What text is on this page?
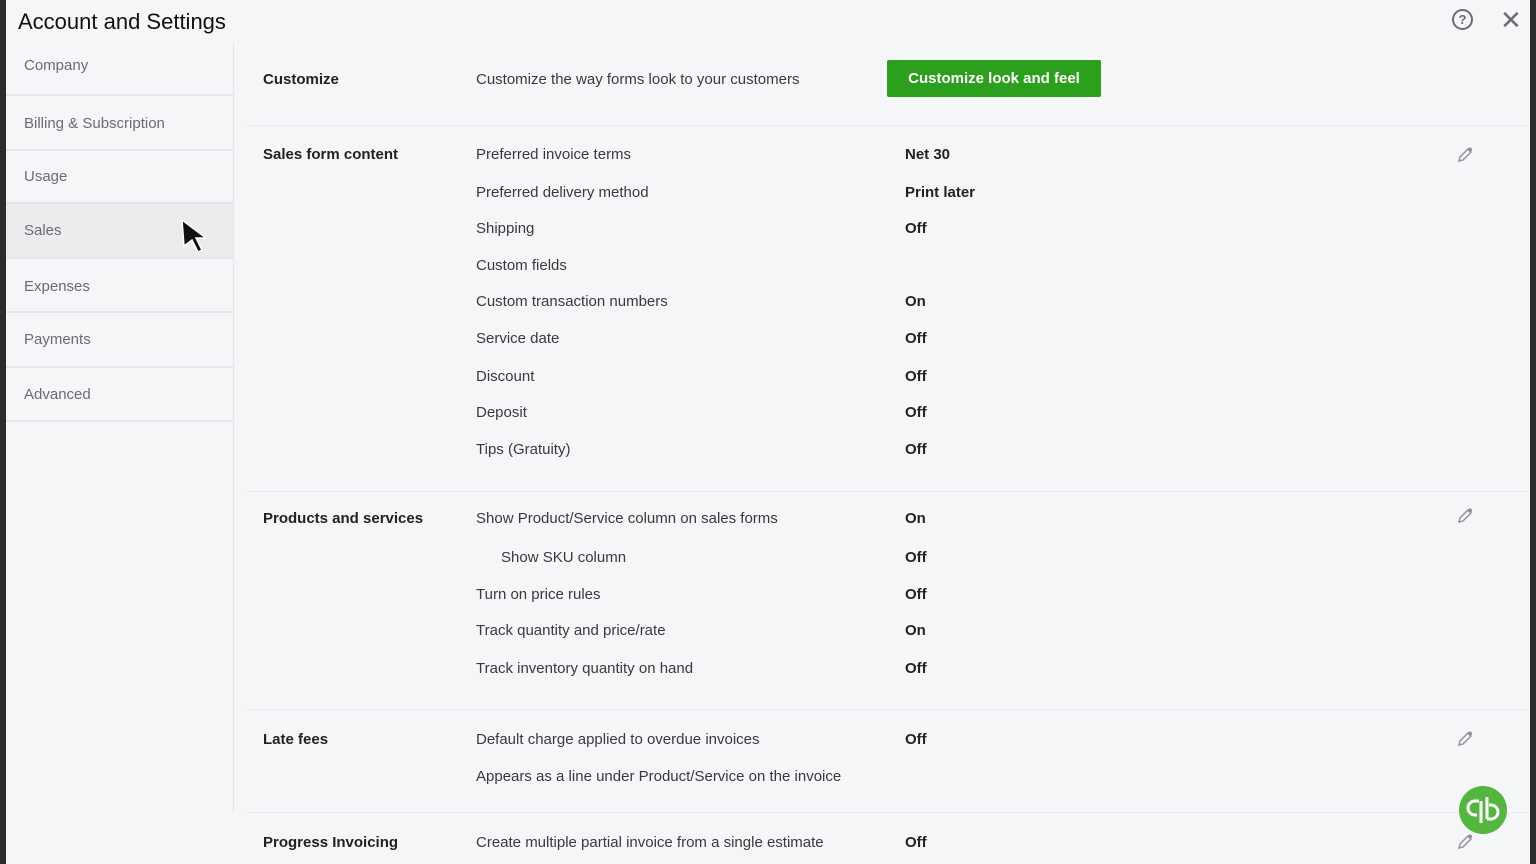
Account and Settings	? ✕
Company
Billing & Subscription
Usage
Sales
Expenses
Payments
Advanced
Customize	Customize the way forms look to your customers	Customize look and feel
Sales form content	Preferred invoice terms	Net 30
Preferred delivery method	Print later
Shipping	Off
Custom fields
Custom transaction numbers	On
Service date	Off
Discount	Off
Deposit	Off
Tips (Gratuity)	Off
Products and services	Show Product/Service column on sales forms	On
Show SKU column	Off
Turn on price rules	Off
Track quantity and price/rate	On
Track inventory quantity on hand	Off
Late fees	Default charge applied to overdue invoices	Off
Appears as a line under Product/Service on the invoice
Progress Invoicing	Create multiple partial invoice from a single estimate	Off
